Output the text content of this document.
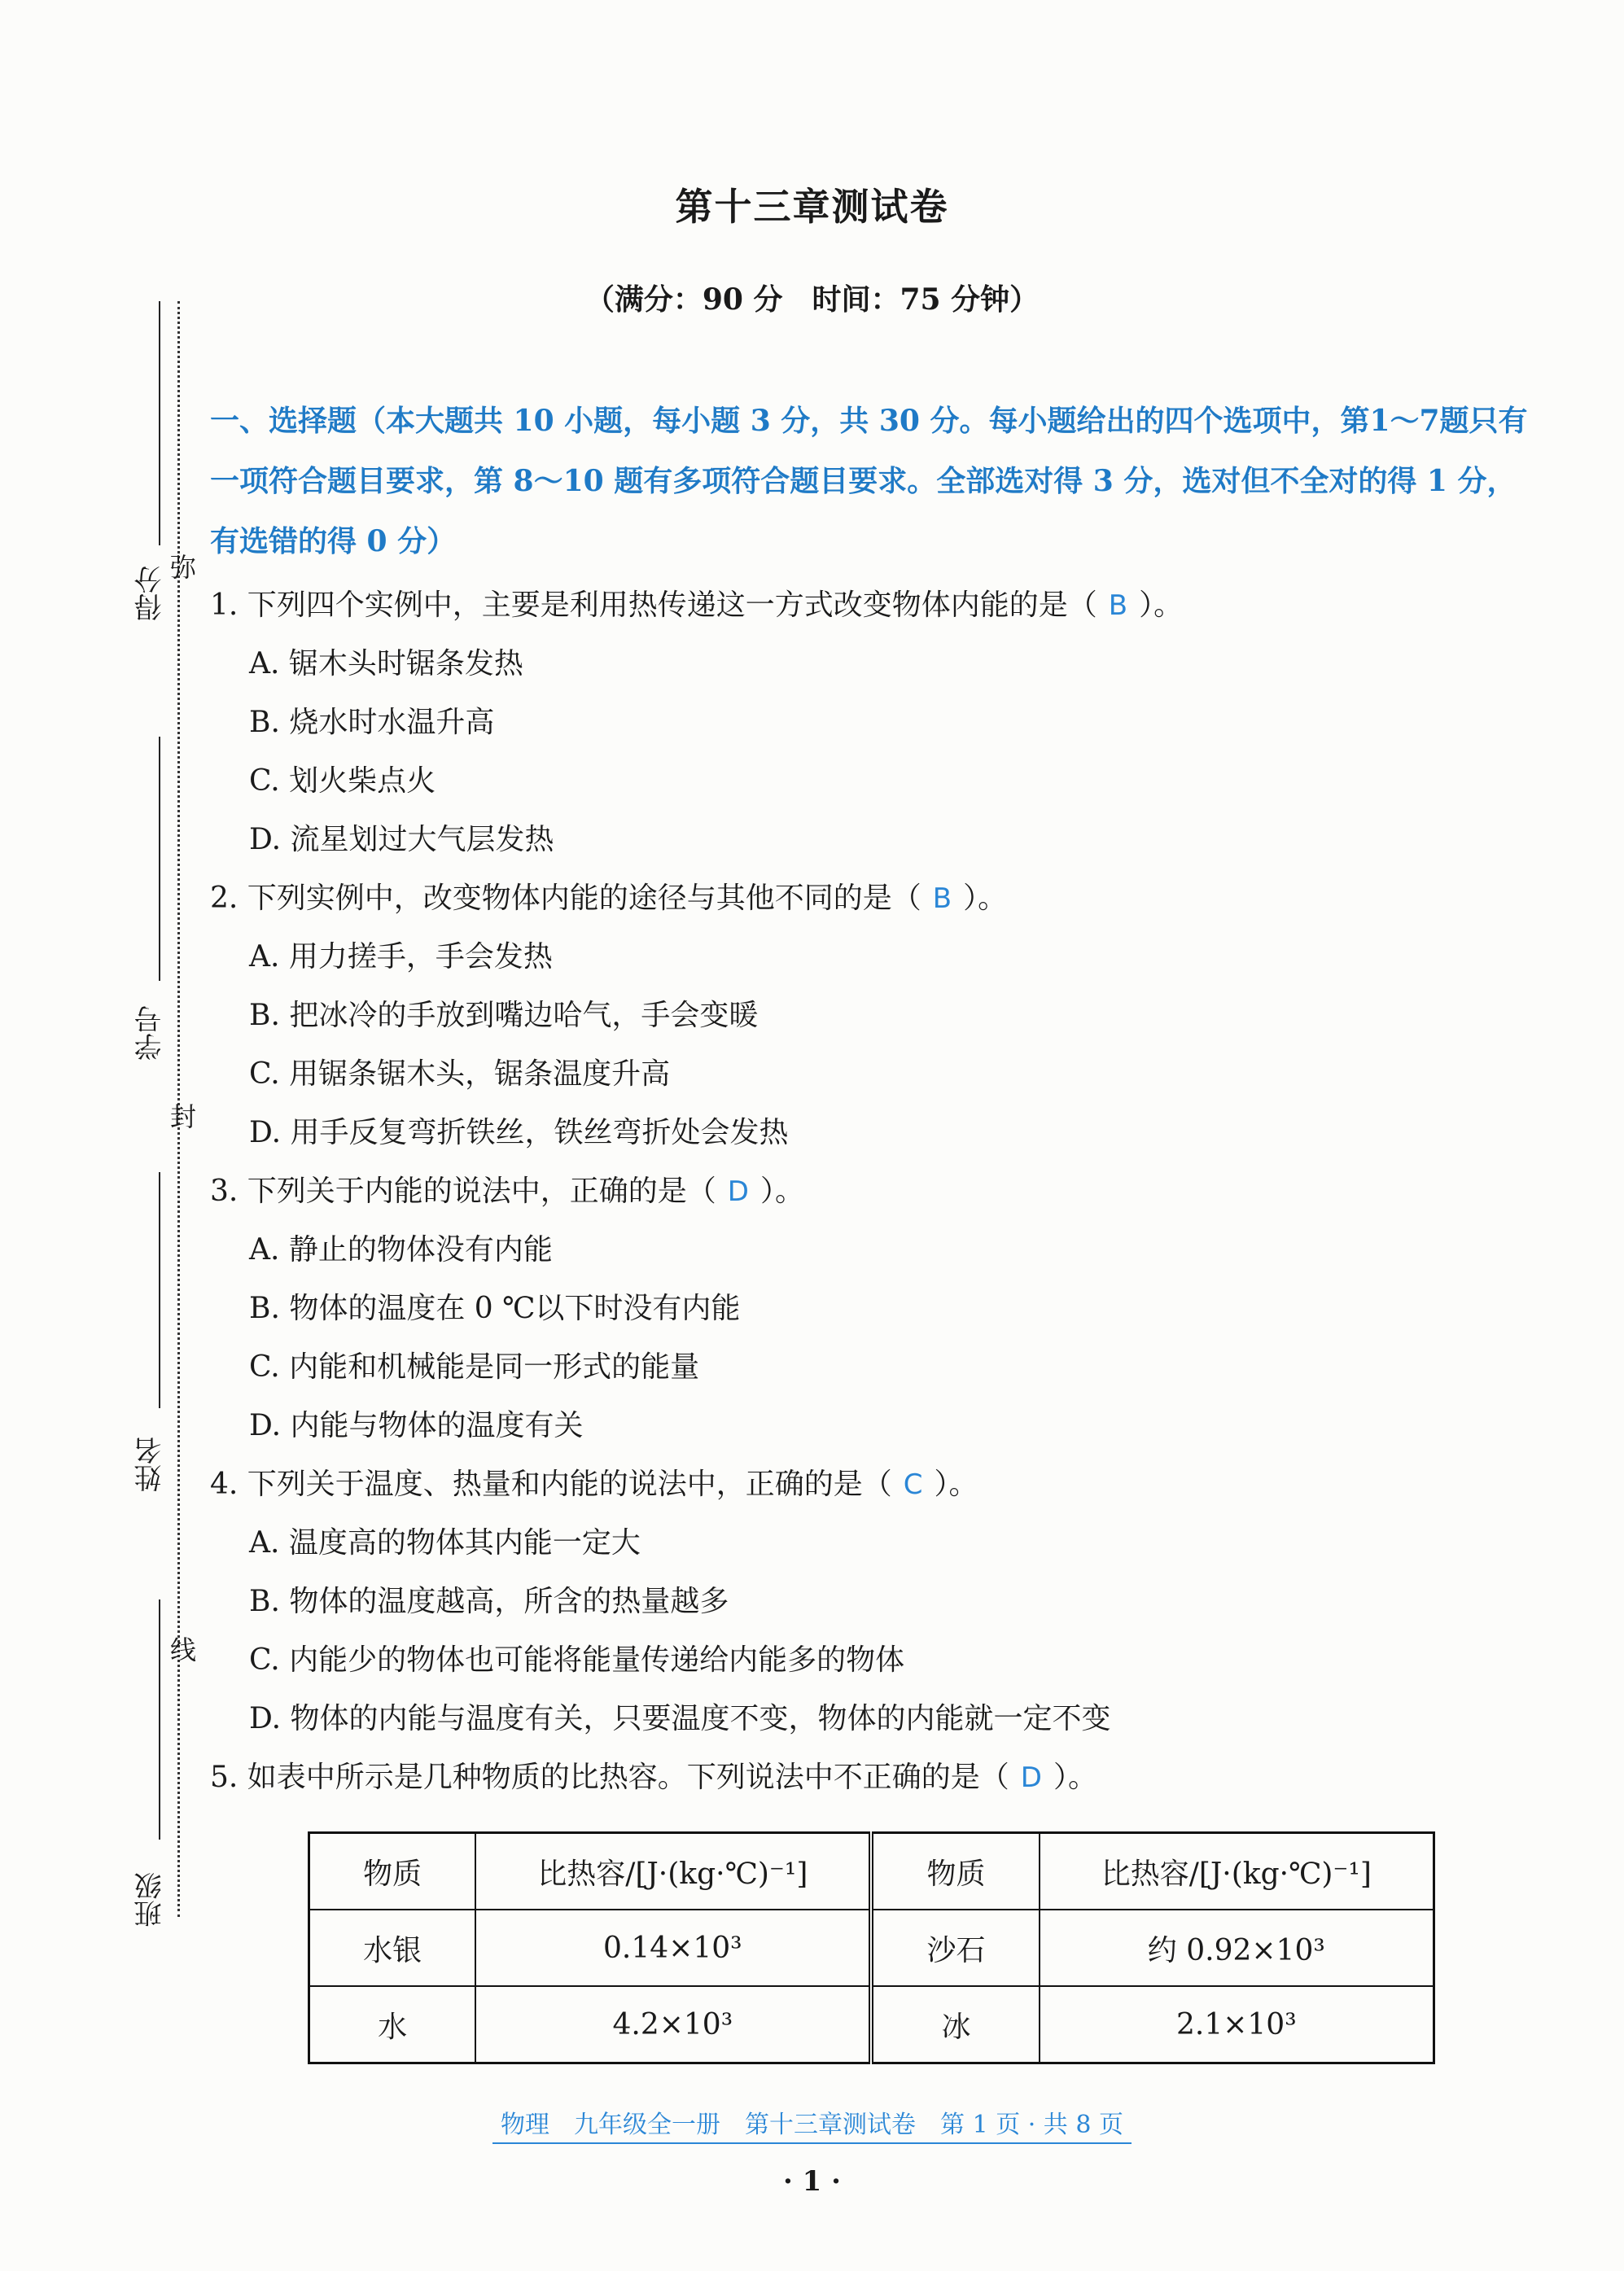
第十三章测试卷
（满分：90 分　时间：75 分钟）
弥
封
线
得分
学号
姓名
班级
一、选择题（本大题共 10 小题，每小题 3 分，共 30 分。每小题给出的四个选项中，第1～7题只有一项符合题目要求，第 8～10 题有多项符合题目要求。全部选对得 3 分，选对但不全对的得 1 分，有选错的得 0 分）
1. 下列四个实例中，主要是利用热传递这一方式改变物体内能的是（ B ）。
A. 锯木头时锯条发热
B. 烧水时水温升高
C. 划火柴点火
D. 流星划过大气层发热
2. 下列实例中，改变物体内能的途径与其他不同的是（ B ）。
A. 用力搓手，手会发热
B. 把冰冷的手放到嘴边哈气，手会变暖
C. 用锯条锯木头，锯条温度升高
D. 用手反复弯折铁丝，铁丝弯折处会发热
3. 下列关于内能的说法中，正确的是（ D ）。
A. 静止的物体没有内能
B. 物体的温度在 0 ℃以下时没有内能
C. 内能和机械能是同一形式的能量
D. 内能与物体的温度有关
4. 下列关于温度、热量和内能的说法中，正确的是（ C ）。
A. 温度高的物体其内能一定大
B. 物体的温度越高，所含的热量越多
C. 内能少的物体也可能将能量传递给内能多的物体
D. 物体的内能与温度有关，只要温度不变，物体的内能就一定不变
5. 如表中所示是几种物质的比热容。下列说法中不正确的是（ D ）。
物质	比热容/[J·(kg·℃)⁻¹]	物质	比热容/[J·(kg·℃)⁻¹]
水银	0.14×10³	沙石	约 0.92×10³
水	4.2×10³	冰	2.1×10³
物理　九年级全一册　第十三章测试卷　第 1 页 · 共 8 页
· 1 ·
